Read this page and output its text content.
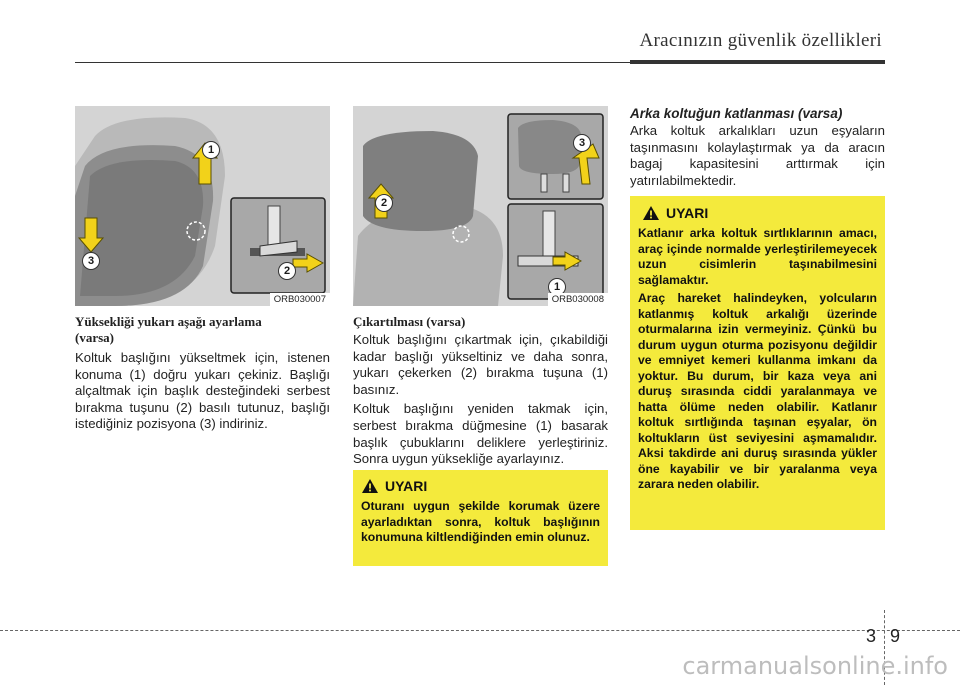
Aracınızın güvenlik özellikleri
1
2
3
ORB030007
1
2
3
ORB030008
Yüksekliği yukarı aşağı ayarlama
(varsa)
Koltuk başlığını yükseltmek için, istenen konuma (1) doğru yukarı çekiniz. Başlığı alçaltmak için başlık desteğindeki serbest bırakma tuşunu (2) basılı tutunuz, başlığı istediğiniz pozisyona (3) indiriniz.
Çıkartılması (varsa)
Koltuk başlığını çıkartmak için, çıkabildiği kadar başlığı yükseltiniz ve daha sonra, yukarı çekerken (2) bırakma tuşuna (1) basınız.
Koltuk başlığını yeniden takmak için, serbest bırakma düğmesine (1) basarak başlık çubuklarını deliklere yerleştiriniz. Sonra uygun yüksekliğe ayarlayınız.
UYARI
Oturanı uygun şekilde korumak üzere ayarladıktan sonra, koltuk başlığının konumuna kiltlendiğinden emin olunuz.
Arka koltuğun katlanması (varsa)
Arka koltuk arkalıkları uzun eşyaların taşınmasını kolaylaştırmak ya da aracın bagaj kapasitesini arttırmak için yatırılabilmektedir.
UYARI
Katlanır arka koltuk sırtlıklarının amacı, araç içinde normalde yerleştirilemeyecek uzun cisimlerin taşınabilmesini sağlamaktır.
Araç hareket halindeyken, yolcuların katlanmış koltuk arkalığı üzerinde oturmalarına izin vermeyiniz. Çünkü bu durum uygun oturma pozisyonu değildir ve emniyet kemeri kullanma imkanı da yoktur. Bu durum, bir kaza veya ani duruş sırasında ciddi yaralanmaya ve hatta ölüme neden olabilir. Katlanır koltuk sırtlığında taşınan eşyalar, ön koltukların üst seviyesini aşmamalıdır. Aksi takdirde ani duruş sırasında yükler öne kayabilir ve bir yaralanma veya zarara neden olabilir.
3 9
carmanualsonline.info
